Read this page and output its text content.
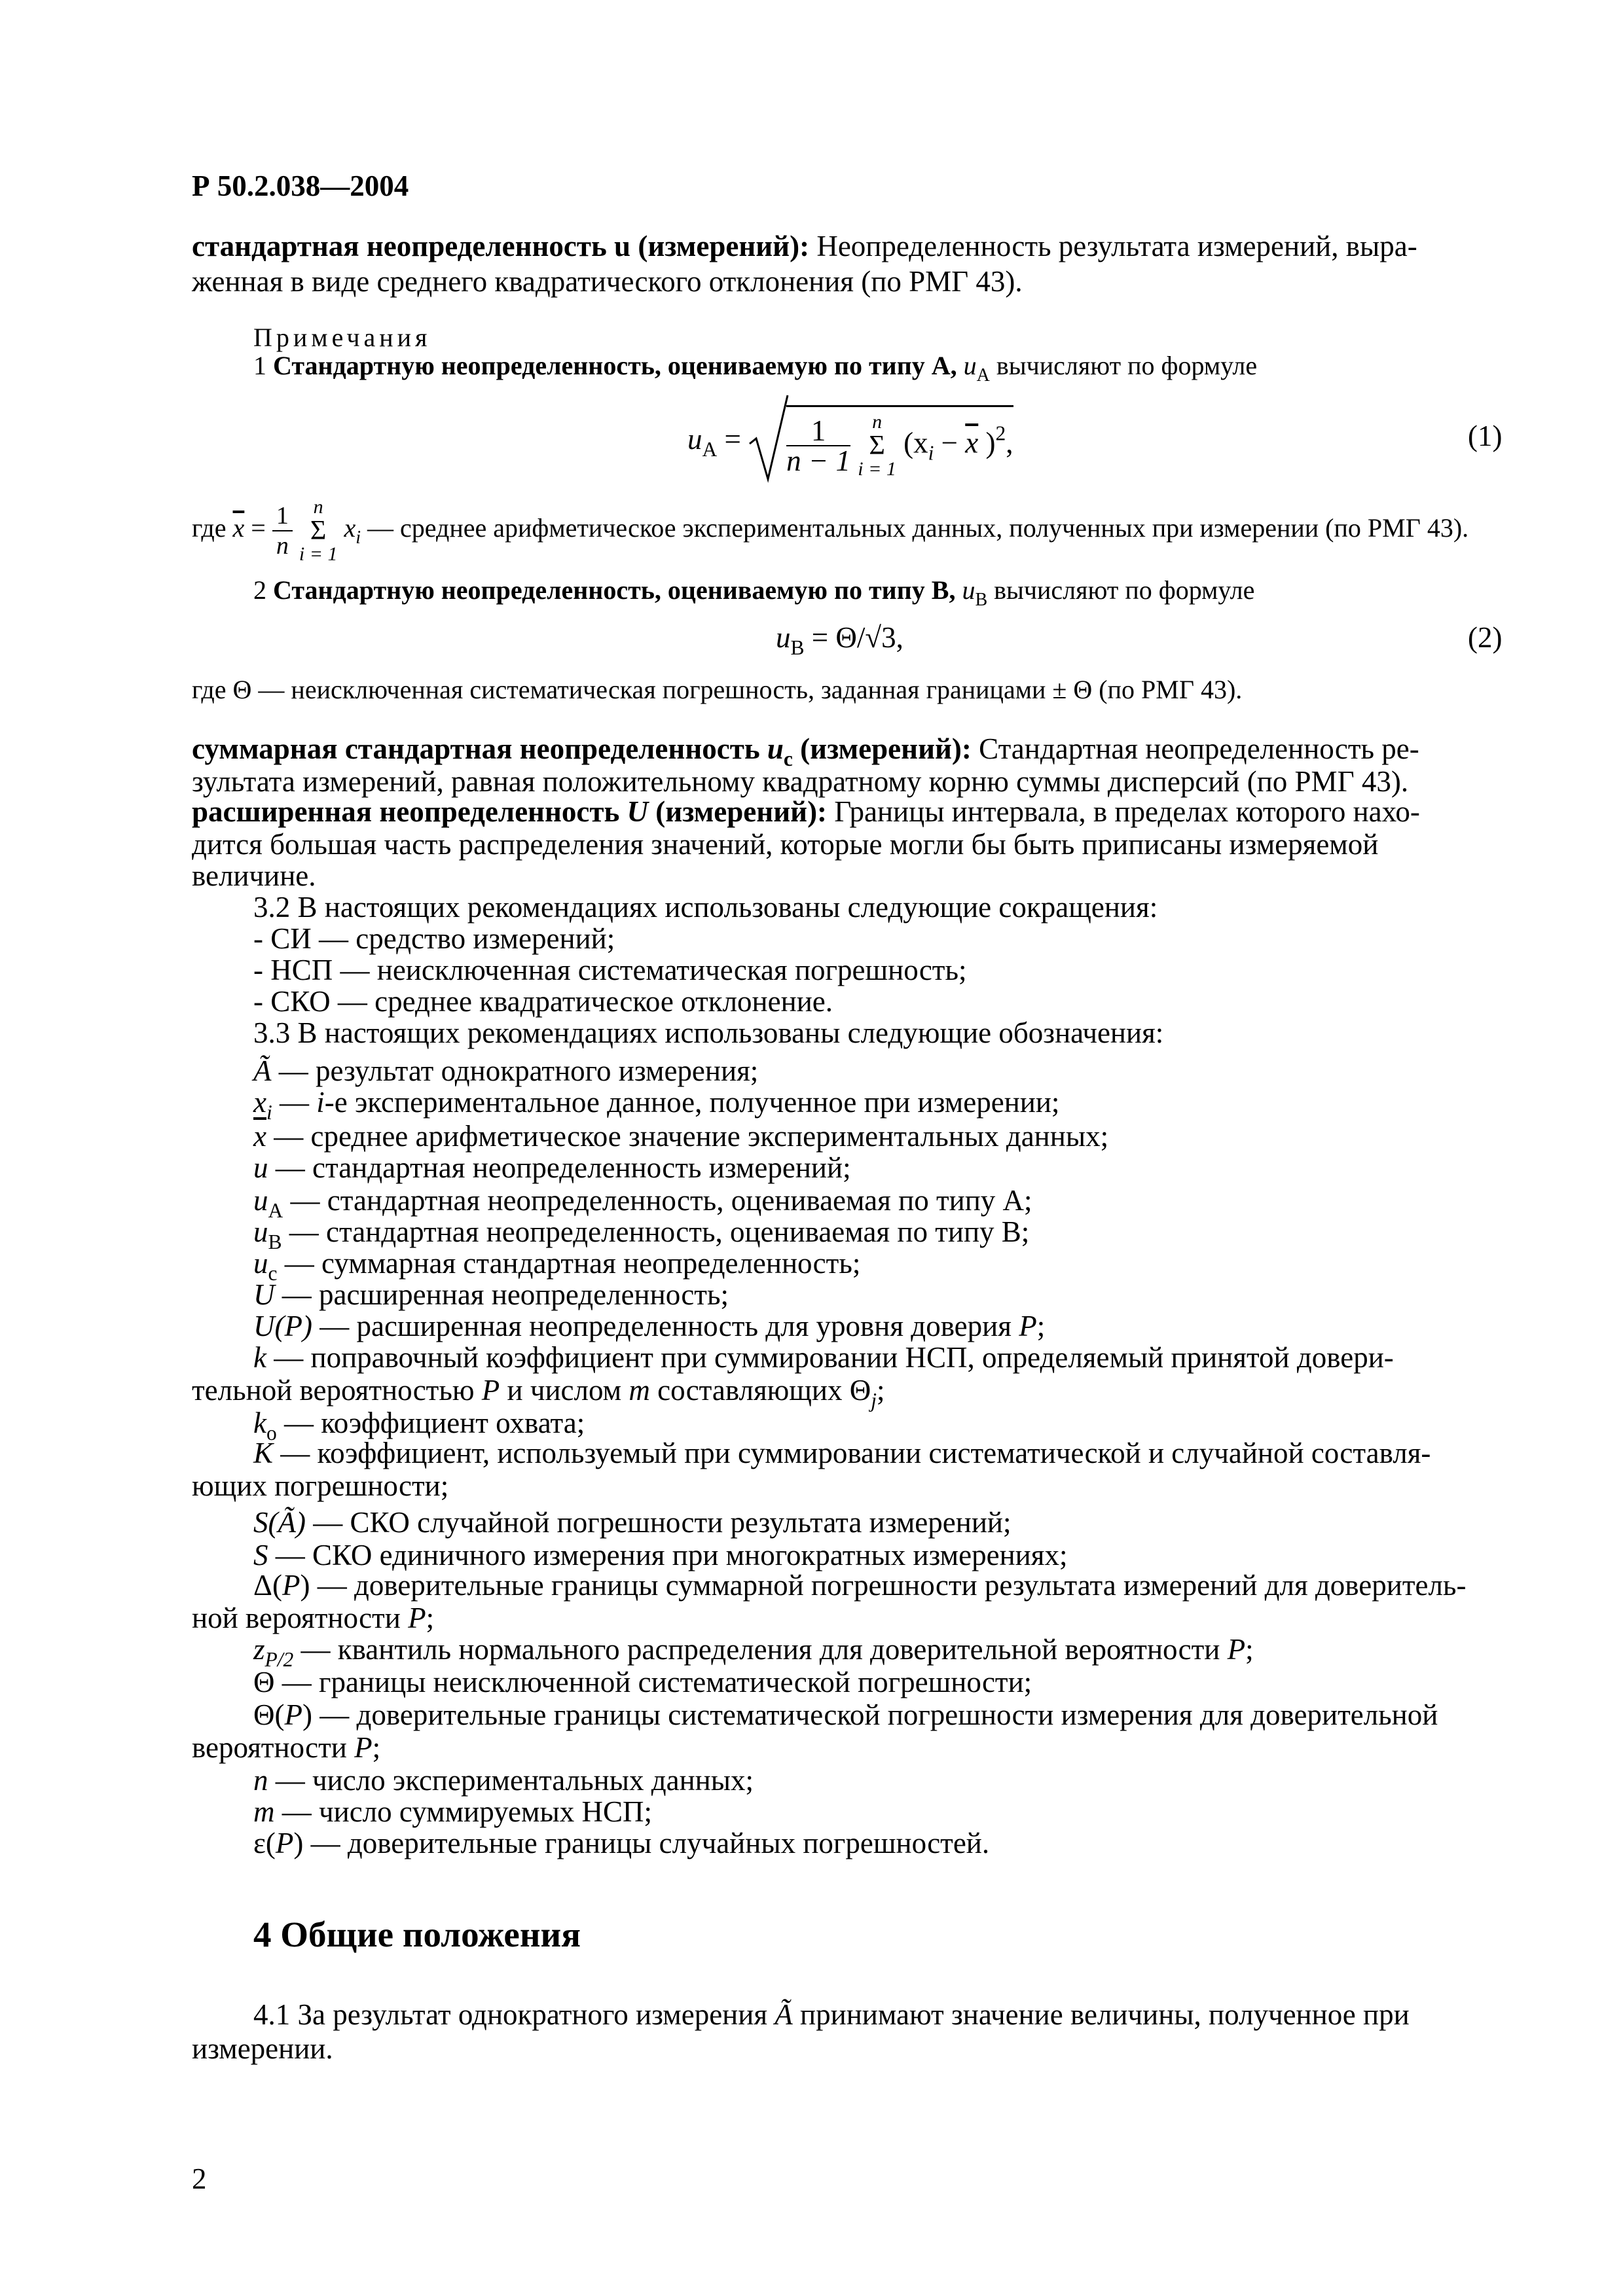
Р 50.2.038—2004
стандартная неопределенность u (измерений): Неопределенность результата измерений, выра-
женная в виде среднего квадратического отклонения (по РМГ 43).
Примечания
1 Стандартную неопределенность, оцениваемую по типу А, $u_A$ вычисляют по формуле
$u_A = \frac{1}{n - 1}$
	n
Σ
i = 1
($x_i - \overline{x}$ )$^2$,	(1)
где $\overline{x} = \frac{1}{n}$
	n
Σ
i = 1
$x_i$ — среднее арифметическое экспериментальных данных, полученных при измерении (по РМГ 43).
2 Стандартную неопределенность, оцениваемую по типу В, $u_B$ вычисляют по формуле
$u_B = \Theta/√3$,	(2)
где Θ — неисключенная систематическая погрешность, заданная границами ± Θ (по РМГ 43).
суммарная стандартная неопределенность $u_c$ (измерений): Стандартная неопределенность ре-
зультата измерений, равная положительному квадратному корню суммы дисперсий (по РМГ 43).
расширенная неопределенность U (измерений): Границы интервала, в пределах которого нахо-
дится большая часть распределения значений, которые могли бы быть приписаны измеряемой
величине.
3.2 В настоящих рекомендациях использованы следующие сокращения:
- СИ — средство измерений;
- НСП — неисключенная систематическая погрешность;
- СКО — среднее квадратическое отклонение.
3.3 В настоящих рекомендациях использованы следующие обозначения:
Ã — результат однократного измерения;
$x_i$ — i-е экспериментальное данное, полученное при измерении;
$\overline{x}$ — среднее арифметическое значение экспериментальных данных;
u — стандартная неопределенность измерений;
$u_A$ — стандартная неопределенность, оцениваемая по типу А;
$u_B$ — стандартная неопределенность, оцениваемая по типу В;
$u_c$ — суммарная стандартная неопределенность;
U — расширенная неопределенность;
U(P) — расширенная неопределенность для уровня доверия P;
k — поправочный коэффициент при суммировании НСП, определяемый принятой довери-
тельной вероятностью P и числом m составляющих $\Theta_j$;
$k_o$ — коэффициент охвата;
K — коэффициент, используемый при суммировании систематической и случайной составля-
ющих погрешности;
S(Ã) — СКО случайной погрешности результата измерений;
S — СКО единичного измерения при многократных измерениях;
Δ(P) — доверительные границы суммарной погрешности результата измерений для доверитель-
ной вероятности P;
$z_{P/2}$ — квантиль нормального распределения для доверительной вероятности P;
Θ — границы неисключенной систематической погрешности;
Θ(P) — доверительные границы систематической погрешности измерения для доверительной
вероятности P;
n — число экспериментальных данных;
m — число суммируемых НСП;
ε(P) — доверительные границы случайных погрешностей.
4 Общие положения
4.1 За результат однократного измерения Ã принимают значение величины, полученное при
измерении.
2
